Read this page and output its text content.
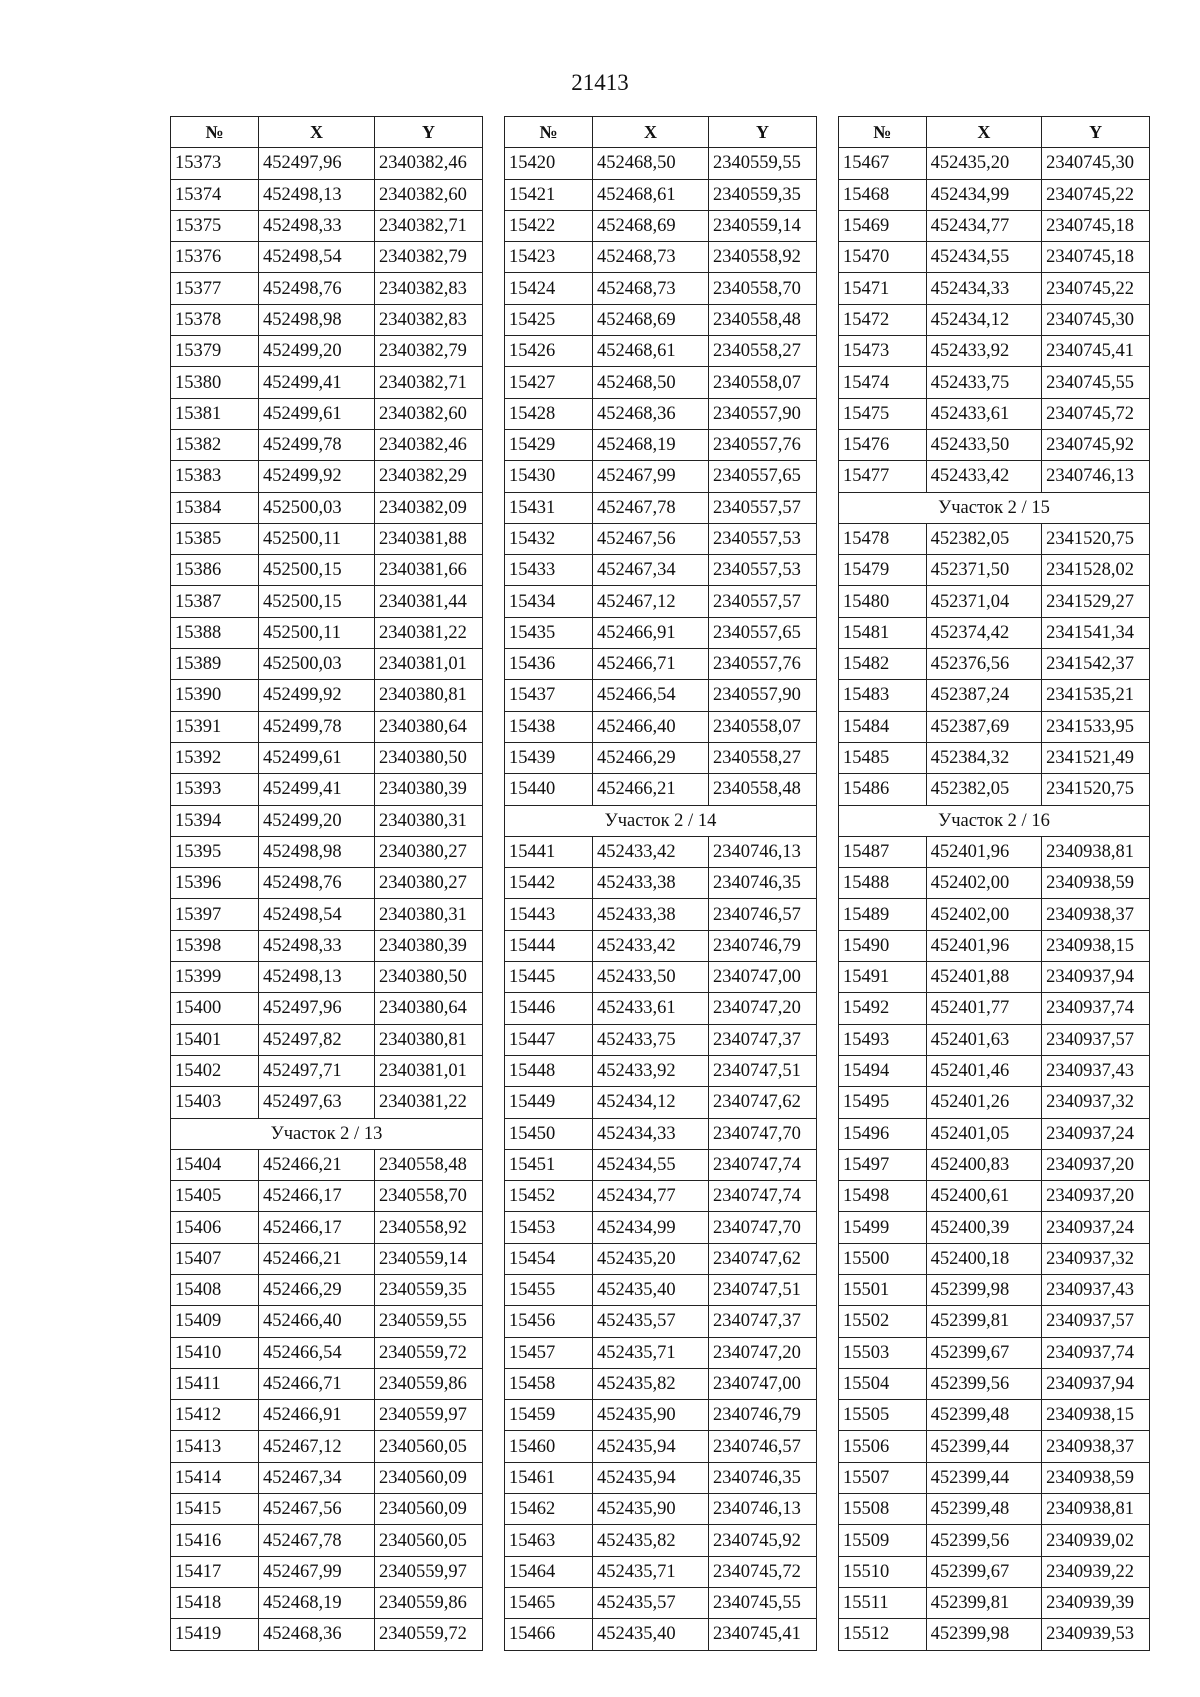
21413
№	X	Y
15373	452497,96	2340382,46
15374	452498,13	2340382,60
15375	452498,33	2340382,71
15376	452498,54	2340382,79
15377	452498,76	2340382,83
15378	452498,98	2340382,83
15379	452499,20	2340382,79
15380	452499,41	2340382,71
15381	452499,61	2340382,60
15382	452499,78	2340382,46
15383	452499,92	2340382,29
15384	452500,03	2340382,09
15385	452500,11	2340381,88
15386	452500,15	2340381,66
15387	452500,15	2340381,44
15388	452500,11	2340381,22
15389	452500,03	2340381,01
15390	452499,92	2340380,81
15391	452499,78	2340380,64
15392	452499,61	2340380,50
15393	452499,41	2340380,39
15394	452499,20	2340380,31
15395	452498,98	2340380,27
15396	452498,76	2340380,27
15397	452498,54	2340380,31
15398	452498,33	2340380,39
15399	452498,13	2340380,50
15400	452497,96	2340380,64
15401	452497,82	2340380,81
15402	452497,71	2340381,01
15403	452497,63	2340381,22
Участок 2 / 13		
15404	452466,21	2340558,48
15405	452466,17	2340558,70
15406	452466,17	2340558,92
15407	452466,21	2340559,14
15408	452466,29	2340559,35
15409	452466,40	2340559,55
15410	452466,54	2340559,72
15411	452466,71	2340559,86
15412	452466,91	2340559,97
15413	452467,12	2340560,05
15414	452467,34	2340560,09
15415	452467,56	2340560,09
15416	452467,78	2340560,05
15417	452467,99	2340559,97
15418	452468,19	2340559,86
15419	452468,36	2340559,72
№	X	Y
15420	452468,50	2340559,55
15421	452468,61	2340559,35
15422	452468,69	2340559,14
15423	452468,73	2340558,92
15424	452468,73	2340558,70
15425	452468,69	2340558,48
15426	452468,61	2340558,27
15427	452468,50	2340558,07
15428	452468,36	2340557,90
15429	452468,19	2340557,76
15430	452467,99	2340557,65
15431	452467,78	2340557,57
15432	452467,56	2340557,53
15433	452467,34	2340557,53
15434	452467,12	2340557,57
15435	452466,91	2340557,65
15436	452466,71	2340557,76
15437	452466,54	2340557,90
15438	452466,40	2340558,07
15439	452466,29	2340558,27
15440	452466,21	2340558,48
Участок 2 / 14		
15441	452433,42	2340746,13
15442	452433,38	2340746,35
15443	452433,38	2340746,57
15444	452433,42	2340746,79
15445	452433,50	2340747,00
15446	452433,61	2340747,20
15447	452433,75	2340747,37
15448	452433,92	2340747,51
15449	452434,12	2340747,62
15450	452434,33	2340747,70
15451	452434,55	2340747,74
15452	452434,77	2340747,74
15453	452434,99	2340747,70
15454	452435,20	2340747,62
15455	452435,40	2340747,51
15456	452435,57	2340747,37
15457	452435,71	2340747,20
15458	452435,82	2340747,00
15459	452435,90	2340746,79
15460	452435,94	2340746,57
15461	452435,94	2340746,35
15462	452435,90	2340746,13
15463	452435,82	2340745,92
15464	452435,71	2340745,72
15465	452435,57	2340745,55
15466	452435,40	2340745,41
№	X	Y
15467	452435,20	2340745,30
15468	452434,99	2340745,22
15469	452434,77	2340745,18
15470	452434,55	2340745,18
15471	452434,33	2340745,22
15472	452434,12	2340745,30
15473	452433,92	2340745,41
15474	452433,75	2340745,55
15475	452433,61	2340745,72
15476	452433,50	2340745,92
15477	452433,42	2340746,13
Участок 2 / 15		
15478	452382,05	2341520,75
15479	452371,50	2341528,02
15480	452371,04	2341529,27
15481	452374,42	2341541,34
15482	452376,56	2341542,37
15483	452387,24	2341535,21
15484	452387,69	2341533,95
15485	452384,32	2341521,49
15486	452382,05	2341520,75
Участок 2 / 16		
15487	452401,96	2340938,81
15488	452402,00	2340938,59
15489	452402,00	2340938,37
15490	452401,96	2340938,15
15491	452401,88	2340937,94
15492	452401,77	2340937,74
15493	452401,63	2340937,57
15494	452401,46	2340937,43
15495	452401,26	2340937,32
15496	452401,05	2340937,24
15497	452400,83	2340937,20
15498	452400,61	2340937,20
15499	452400,39	2340937,24
15500	452400,18	2340937,32
15501	452399,98	2340937,43
15502	452399,81	2340937,57
15503	452399,67	2340937,74
15504	452399,56	2340937,94
15505	452399,48	2340938,15
15506	452399,44	2340938,37
15507	452399,44	2340938,59
15508	452399,48	2340938,81
15509	452399,56	2340939,02
15510	452399,67	2340939,22
15511	452399,81	2340939,39
15512	452399,98	2340939,53
